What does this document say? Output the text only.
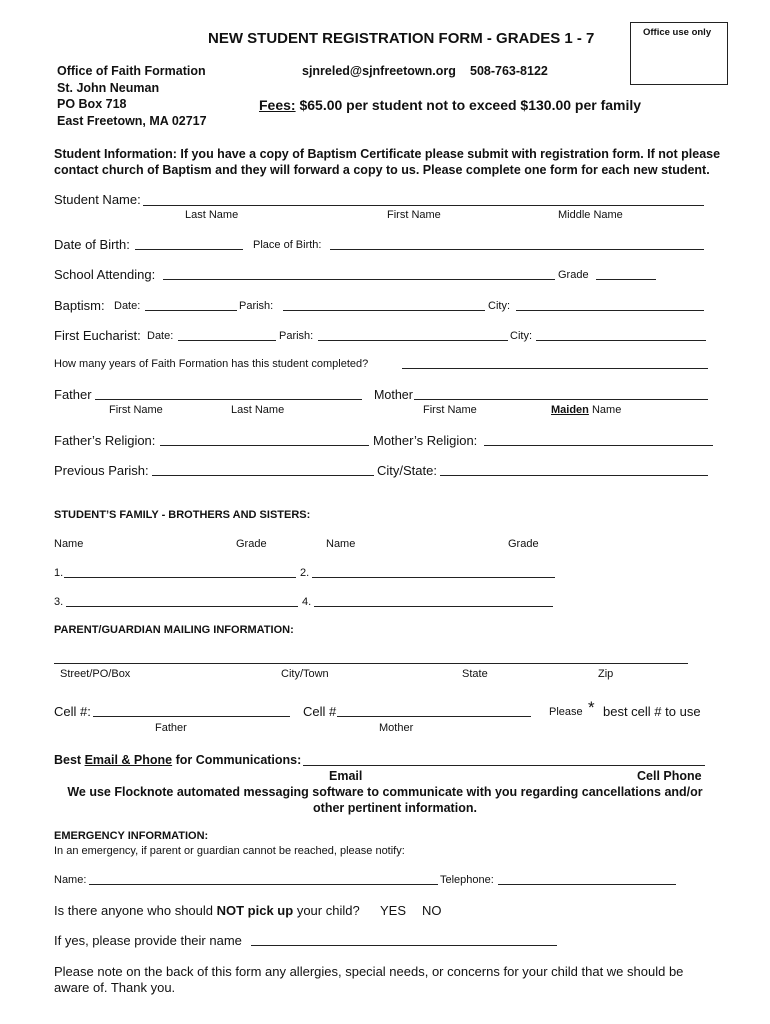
NEW STUDENT REGISTRATION FORM - GRADES 1 - 7	Office use only
Office of Faith Formation
St. John Neuman
PO Box 718
East Freetown, MA 02717
sjnreled@sjnfreetown.org 508-763-8122
Fees: $65.00 per student not to exceed $130.00 per family
Student Information: If you have a copy of Baptism Certificate please submit with registration form. If not please
contact church of Baptism and they will forward a copy to us. Please complete one form for each new student.
Student Name:
Last Name	First Name	Middle Name
Date of Birth:	Place of Birth:
School Attending:	Grade
Baptism: Date:	Parish:	City:
First Eucharist: Date:	Parish:	City:
How many years of Faith Formation has this student completed?
Father	Mother
First Name	Last Name	First Name	Maiden Name
Father’s Religion:	Mother’s Religion:
Previous Parish:	City/State:
STUDENT’S FAMILY - BROTHERS AND SISTERS:
Name	Grade	Name	Grade
1.	2.
3.	4.
PARENT/GUARDIAN MAILING INFORMATION:
Street/PO/Box	City/Town	State	Zip
Cell #:	Cell #	Please * best cell # to use
Father	Mother
Best Email & Phone for Communications:
Email	Cell Phone
We use Flocknote automated messaging software to communicate with you regarding cancellations and/or
other pertinent information.
EMERGENCY INFORMATION:
In an emergency, if parent or guardian cannot be reached, please notify:
Name:	Telephone:
Is there anyone who should NOT pick up your child? YES NO
If yes, please provide their name
Please note on the back of this form any allergies, special needs, or concerns for your child that we should be
aware of. Thank you.
